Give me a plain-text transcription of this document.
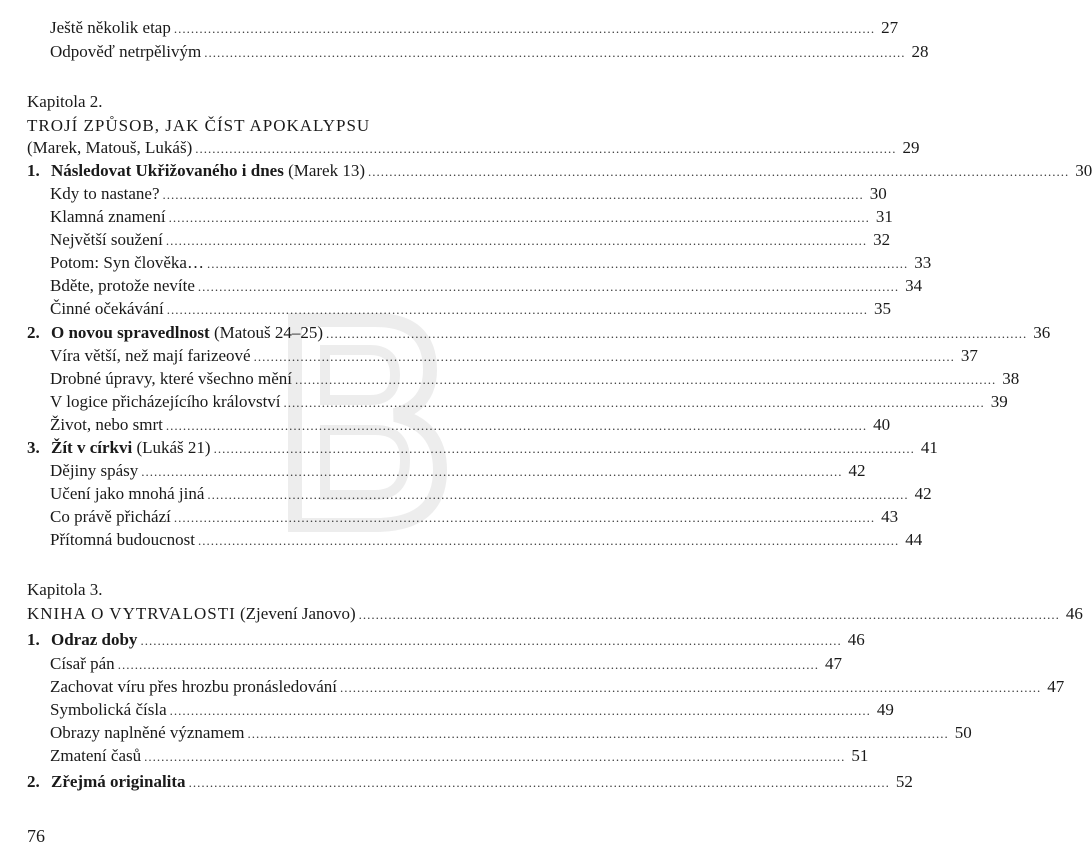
Ještě několik etap ..................................................................................................................................................................... 27
Odpověď netrpělivým ..................................................................................................................................................................... 28
Kapitola 2.
TROJÍ ZPŮSOB, JAK ČÍST APOKALYPSU
(Marek, Matouš, Lukáš) ..................................................................................................................................................................... 29
1. Následovat Ukřižovaného i dnes (Marek 13) ..................................................................................................................................................................... 30
Kdy to nastane? ..................................................................................................................................................................... 30
Klamná znamení ..................................................................................................................................................................... 31
Největší soužení ..................................................................................................................................................................... 32
Potom: Syn člověka… ..................................................................................................................................................................... 33
Bděte, protože nevíte ..................................................................................................................................................................... 34
Činné očekávání ..................................................................................................................................................................... 35
2. O novou spravedlnost (Matouš 24–25) ..................................................................................................................................................................... 36
Víra větší, než mají farizeové ..................................................................................................................................................................... 37
Drobné úpravy, které všechno mění ..................................................................................................................................................................... 38
V logice přicházejícího království ..................................................................................................................................................................... 39
Život, nebo smrt ..................................................................................................................................................................... 40
3. Žít v církvi (Lukáš 21) ..................................................................................................................................................................... 41
Dějiny spásy ..................................................................................................................................................................... 42
Učení jako mnohá jiná ..................................................................................................................................................................... 42
Co právě přichází ..................................................................................................................................................................... 43
Přítomná budoucnost ..................................................................................................................................................................... 44
Kapitola 3.
KNIHA O VYTRVALOSTI (Zjevení Janovo) ..................................................................................................................................................................... 46
1. Odraz doby ..................................................................................................................................................................... 46
Císař pán ..................................................................................................................................................................... 47
Zachovat víru přes hrozbu pronásledování ..................................................................................................................................................................... 47
Symbolická čísla ..................................................................................................................................................................... 49
Obrazy naplněné významem ..................................................................................................................................................................... 50
Zmatení časů ..................................................................................................................................................................... 51
2. Zřejmá originalita ..................................................................................................................................................................... 52
76
